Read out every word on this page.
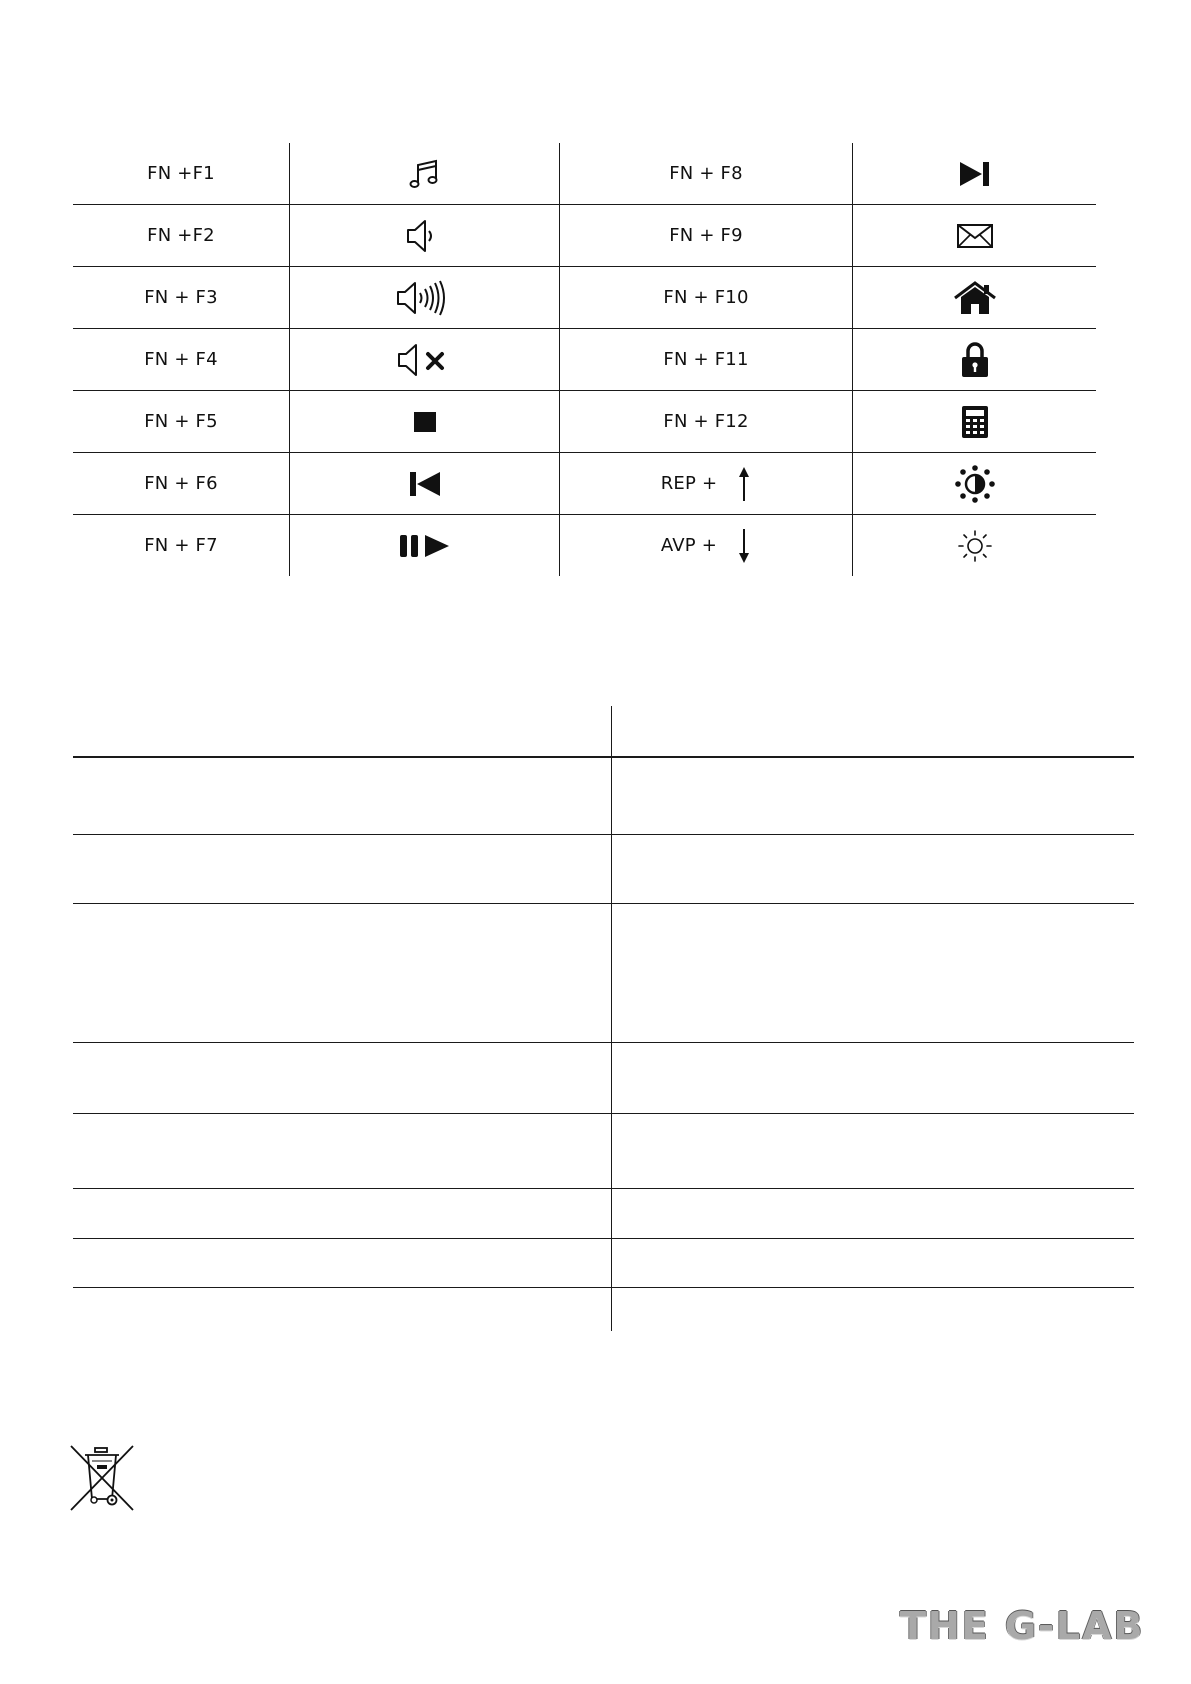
FN +F1		FN + F8	

FN +F2		FN + F9	

FN + F3		FN + F10	

FN + F4		FN + F11	

FN + F5		FN + F12	

FN + F6		REP +

FN + F7		AVP +

THE G-LAB
